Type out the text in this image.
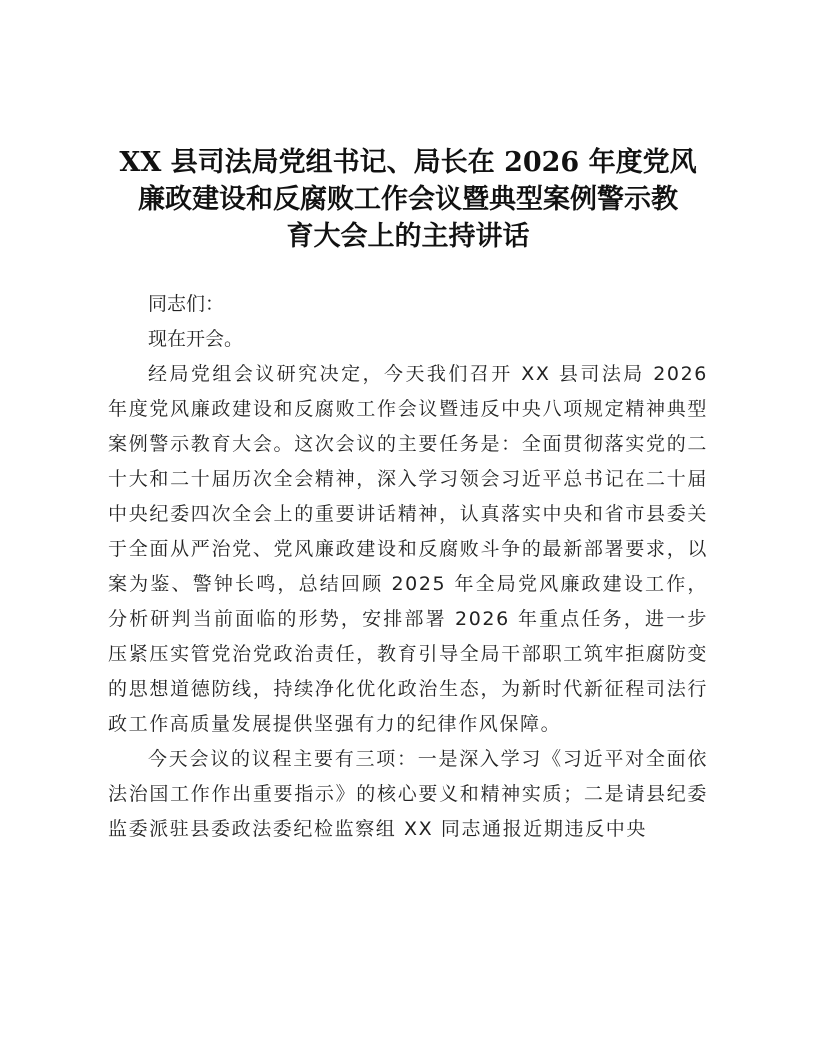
XX 县司法局党组书记、局长在 2026 年度党风
廉政建设和反腐败工作会议暨典型案例警示教
育大会上的主持讲话

同志们：

现在开会。

经局党组会议研究决定，今天我们召开 XX 县司法局 2026 年度党风廉政建设和反腐败工作会议暨违反中央八项规定精神典型案例警示教育大会。这次会议的主要任务是：全面贯彻落实党的二十大和二十届历次全会精神，深入学习领会习近平总书记在二十届中央纪委四次全会上的重要讲话精神，认真落实中央和省市县委关于全面从严治党、党风廉政建设和反腐败斗争的最新部署要求，以案为鉴、警钟长鸣，总结回顾 2025 年全局党风廉政建设工作，分析研判当前面临的形势，安排部署 2026 年重点任务，进一步压紧压实管党治党政治责任，教育引导全局干部职工筑牢拒腐防变的思想道德防线，持续净化优化政治生态，为新时代新征程司法行政工作高质量发展提供坚强有力的纪律作风保障。

今天会议的议程主要有三项：一是深入学习《习近平对全面依法治国工作作出重要指示》的核心要义和精神实质；二是请县纪委监委派驻县委政法委纪检监察组 XX 同志通报近期违反中央
